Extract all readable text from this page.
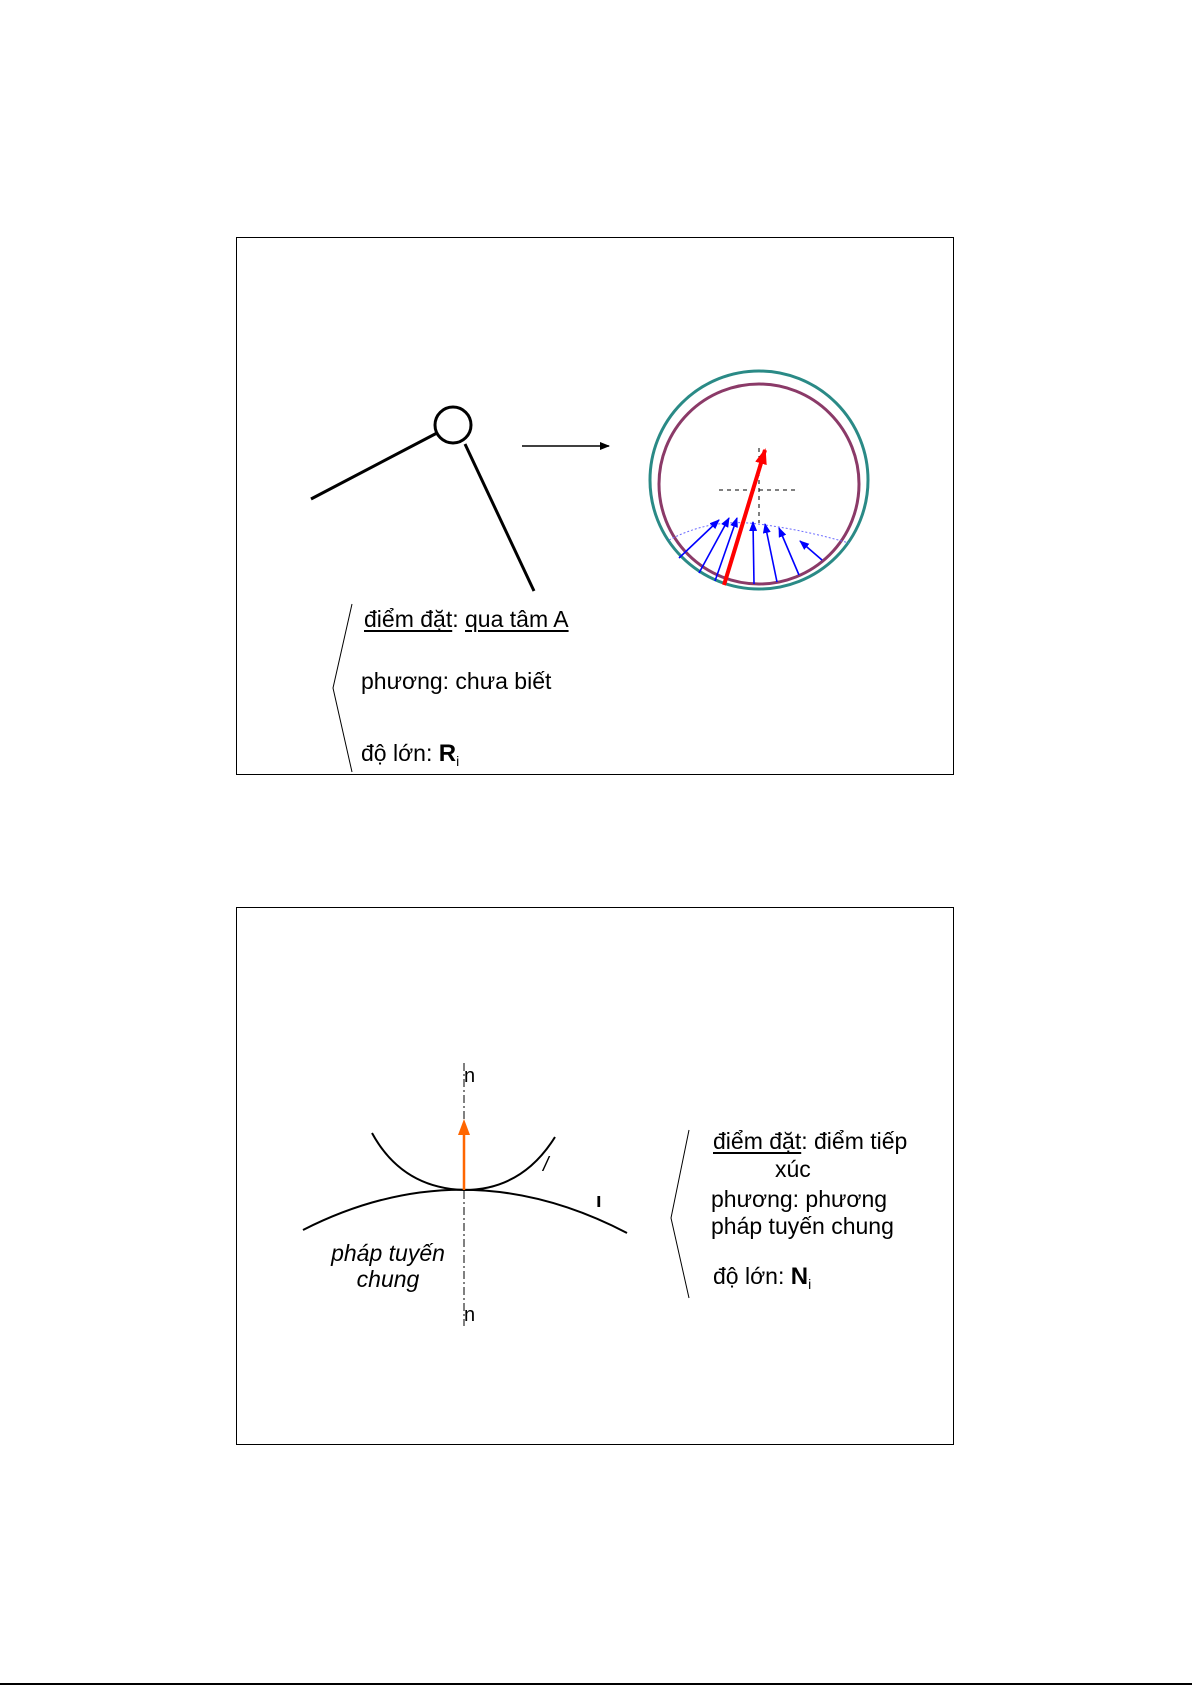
điểm đặt: qua tâm A
phương: chưa biết
độ lớn: $R_i$
n
n
/
ı
pháp tuyến
chung
điểm đặt: điểm tiếp
xúc
phương: phương
pháp tuyến chung
độ lớn: $N_i$
